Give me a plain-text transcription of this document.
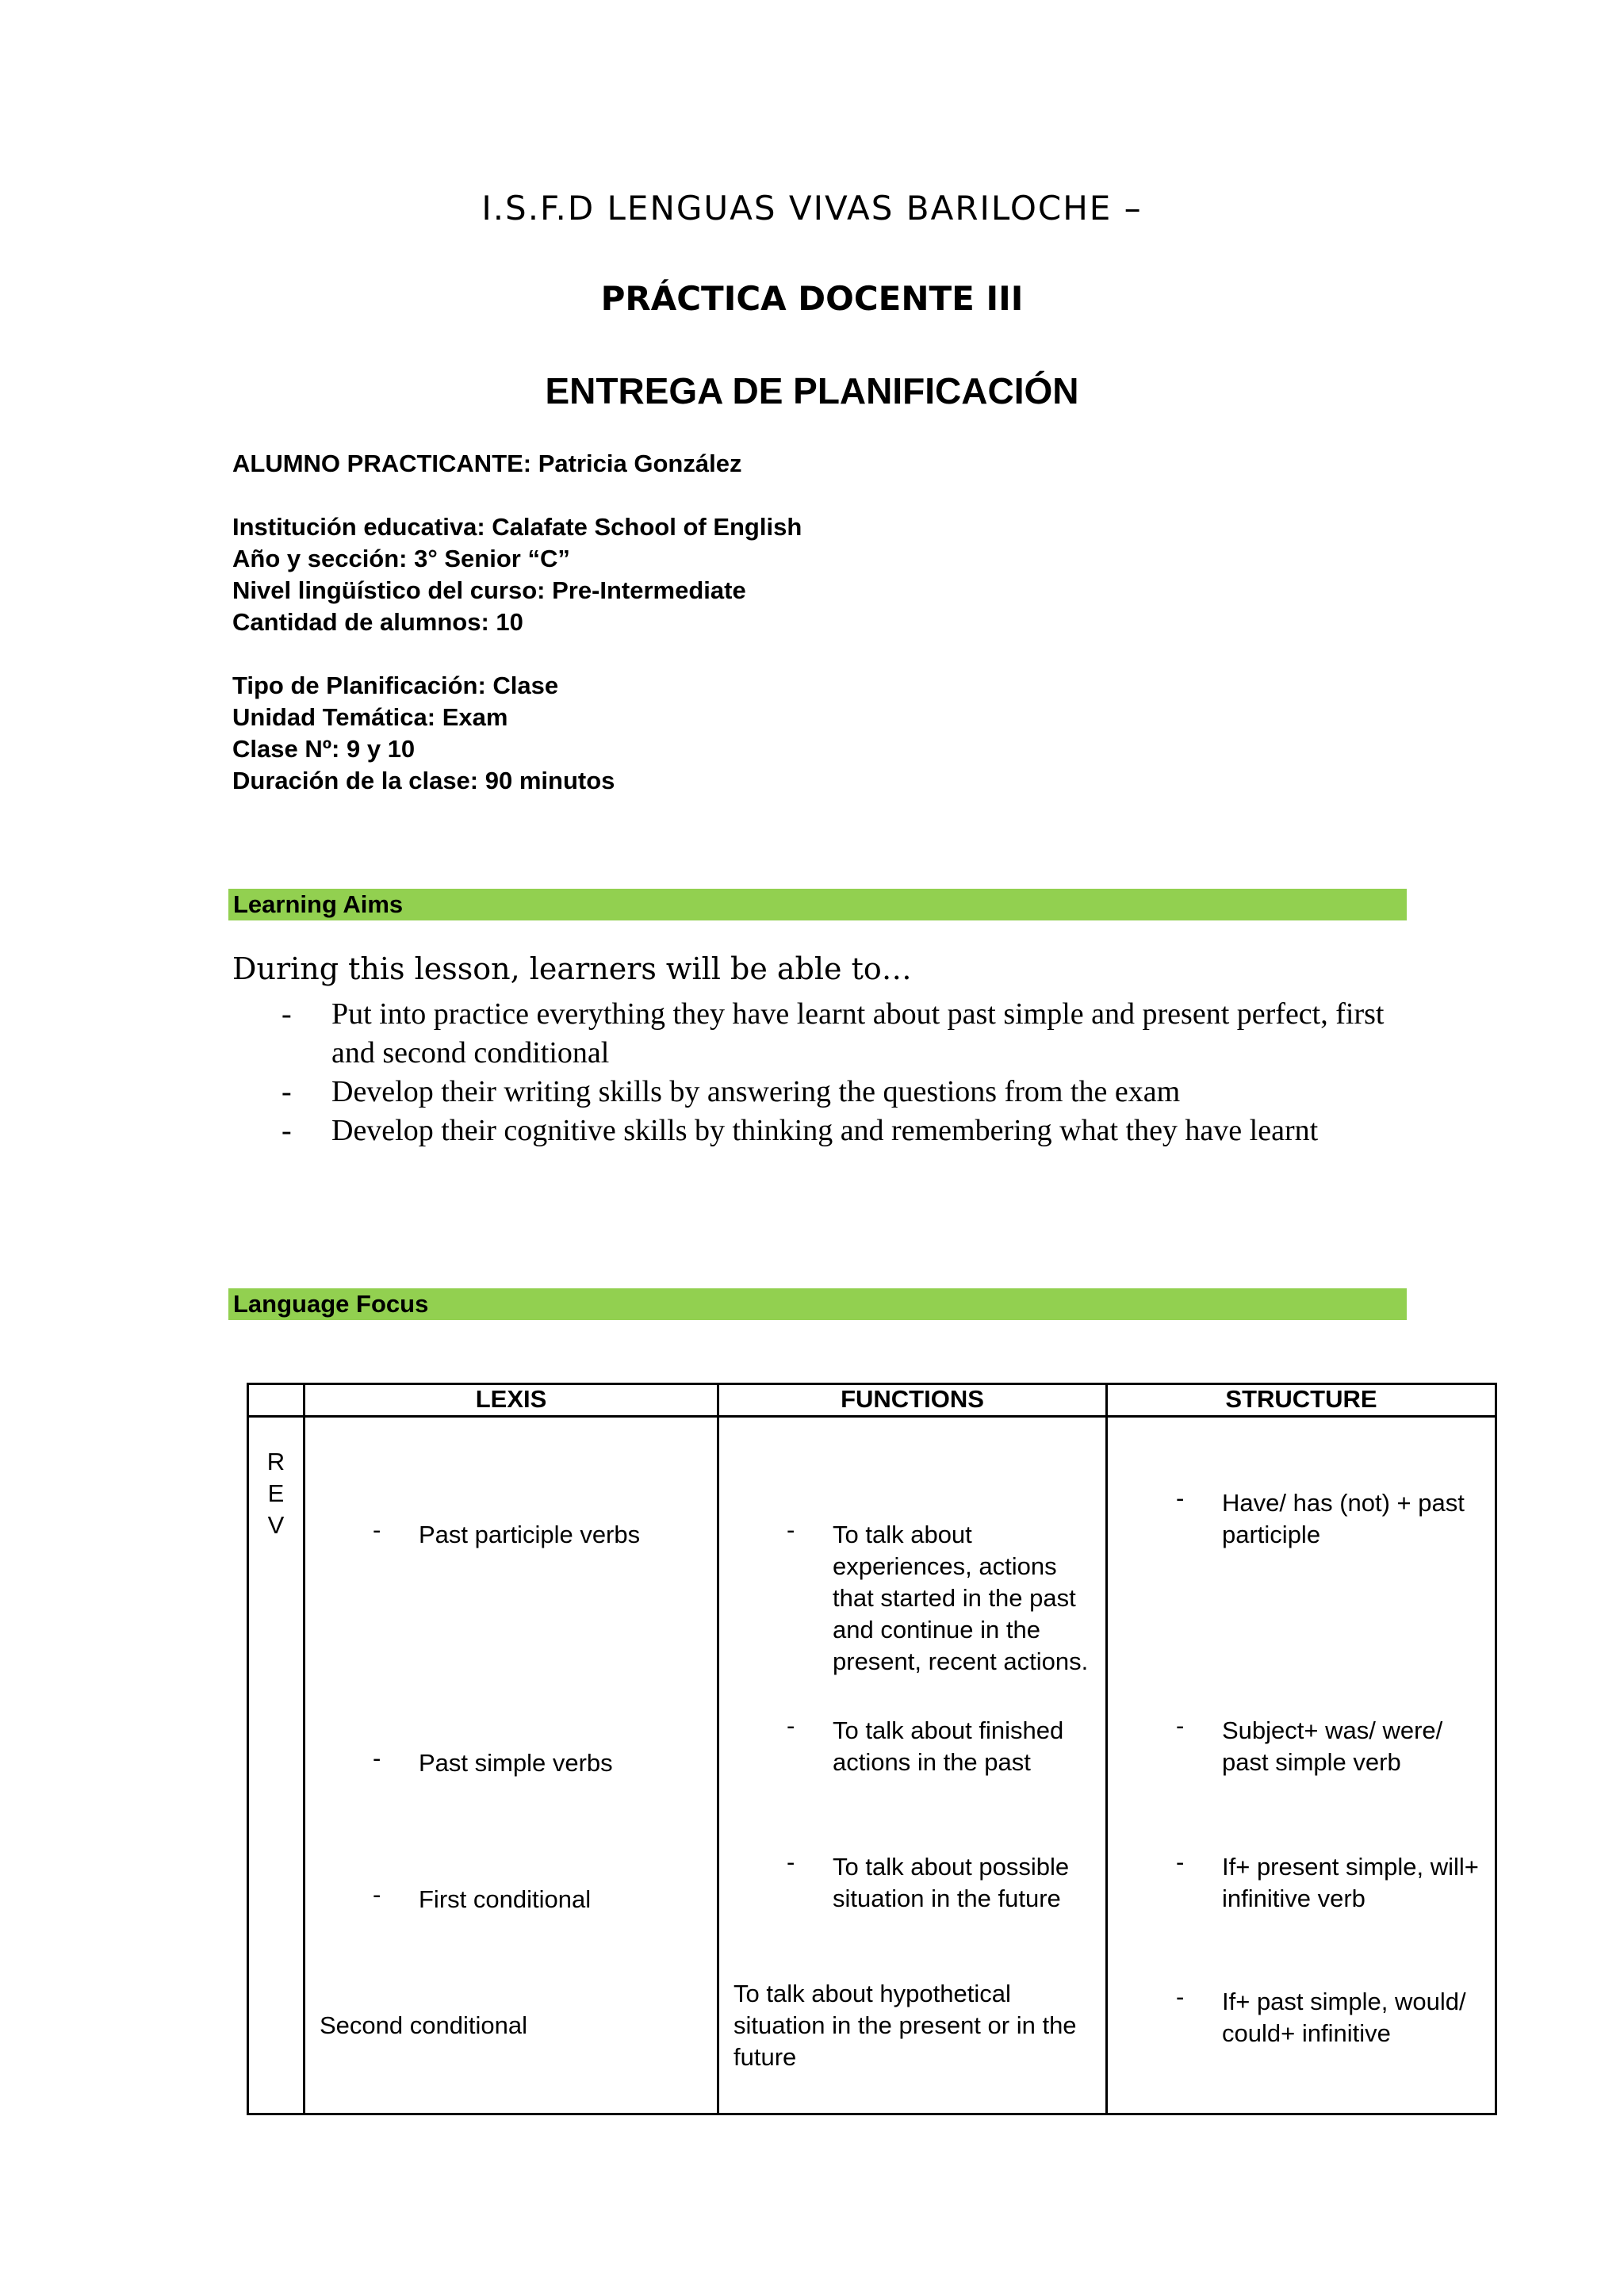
I.S.F.D LENGUAS VIVAS BARILOCHE –
PRÁCTICA DOCENTE III
ENTREGA DE PLANIFICACIÓN
ALUMNO PRACTICANTE: Patricia González
Institución educativa: Calafate School of English
Año y sección: 3° Senior “C”
Nivel lingüístico del curso: Pre-Intermediate
Cantidad de alumnos: 10
Tipo de Planificación: Clase
Unidad Temática: Exam
Clase Nº: 9 y 10
Duración de la clase: 90 minutos
Learning Aims
During this lesson, learners will be able to…
- Put into practice everything they have learnt about past simple and present perfect, first and second conditional
- Develop their writing skills by answering the questions from the exam
- Develop their cognitive skills by thinking and remembering what they have learnt
Language Focus
LEXIS	FUNCTIONS	STRUCTURE
R
E
V
-	Past participle verbs
- Past simple verbs
- First conditional
Second conditional
- To talk about experiences, actions that started in the past and continue in the present, recent actions.
- To talk about finished actions in the past
- To talk about possible situation in the future
To talk about hypothetical situation in the present or in the future
- Have/ has (not) + past participle
- Subject+ was/ were/ past simple verb
- If+ present simple, will+ infinitive verb
- If+ past simple, would/ could+ infinitive
